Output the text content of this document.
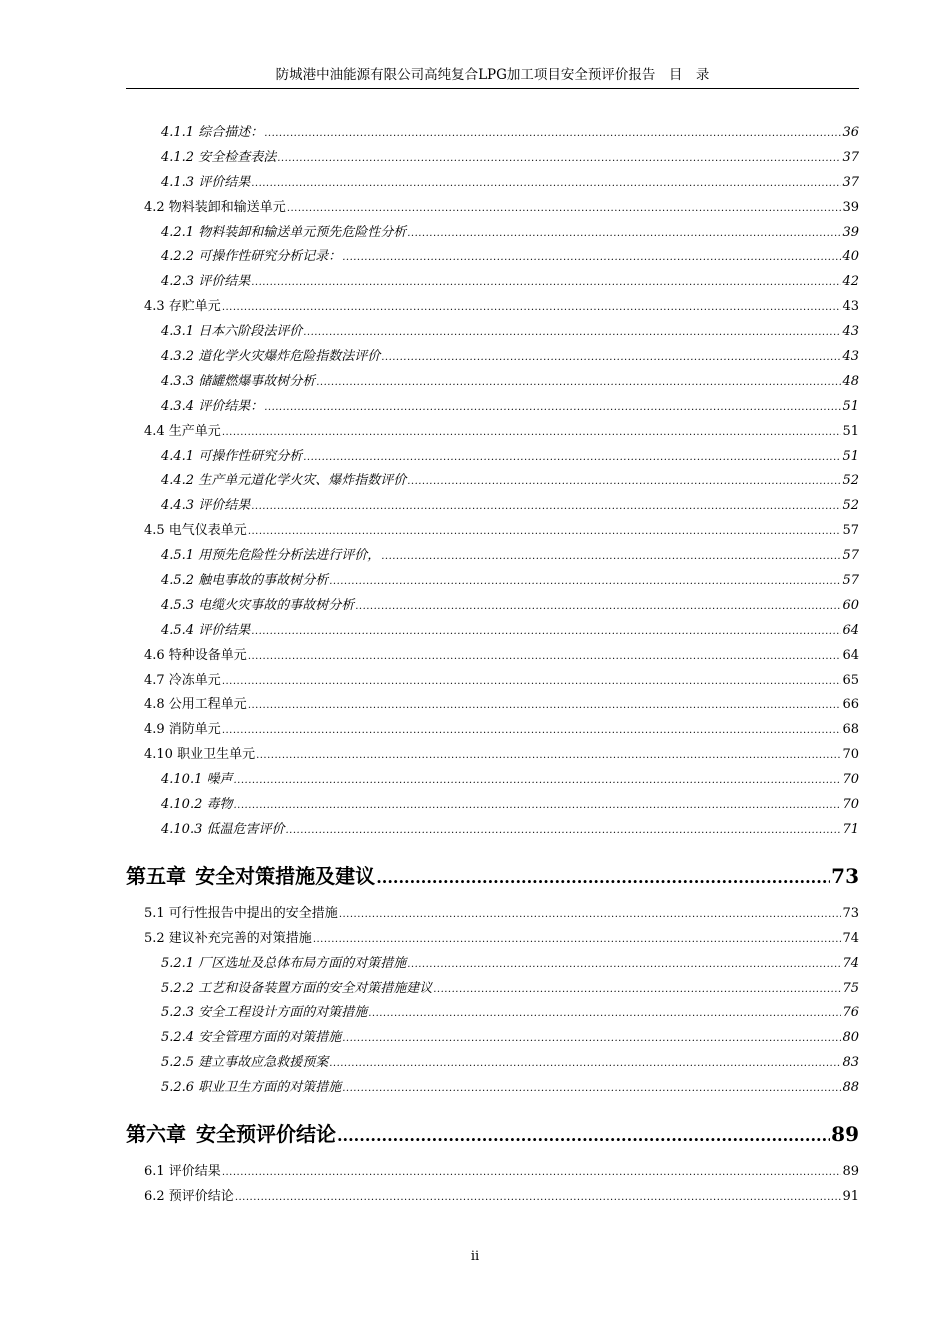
防城港中油能源有限公司高纯复合LPG加工项目安全预评价报告　目　录
4.1.1 综合描述： .....	36
4.1.2 安全检查表法 .....	37
4.1.3 评价结果 .....	37
4.2 物料装卸和输送单元 .....	39
4.2.1 物料装卸和输送单元预先危险性分析 .....	39
4.2.2 可操作性研究分析记录： .....	40
4.2.3 评价结果 .....	42
4.3 存贮单元 .....	43
4.3.1 日本六阶段法评价 .....	43
4.3.2 道化学火灾爆炸危险指数法评价 .....	43
4.3.3 储罐燃爆事故树分析 .....	48
4.3.4 评价结果： .....	51
4.4 生产单元 .....	51
4.4.1 可操作性研究分析 .....	51
4.4.2 生产单元道化学火灾、爆炸指数评价 .....	52
4.4.3 评价结果 .....	52
4.5 电气仪表单元 .....	57
4.5.1 用预先危险性分析法进行评价， .....	57
4.5.2 触电事故的事故树分析 .....	57
4.5.3 电缆火灾事故的事故树分析 .....	60
4.5.4 评价结果 .....	64
4.6 特种设备单元 .....	64
4.7 冷冻单元 .....	65
4.8 公用工程单元 .....	66
4.9 消防单元 .....	68
4.10 职业卫生单元 .....	70
4.10.1 噪声 .....	70
4.10.2 毒物 .....	70
4.10.3 低温危害评价 .....	71
第五章 安全对策措施及建议 .....	73
5.1 可行性报告中提出的安全措施 .....	73
5.2 建议补充完善的对策措施 .....	74
5.2.1 厂区选址及总体布局方面的对策措施 .....	74
5.2.2 工艺和设备装置方面的安全对策措施建议 .....	75
5.2.3 安全工程设计方面的对策措施 .....	76
5.2.4 安全管理方面的对策措施 .....	80
5.2.5 建立事故应急救援预案 .....	83
5.2.6 职业卫生方面的对策措施 .....	88
第六章 安全预评价结论 .....	89
6.1 评价结果 .....	89
6.2 预评价结论 .....	91
ii
